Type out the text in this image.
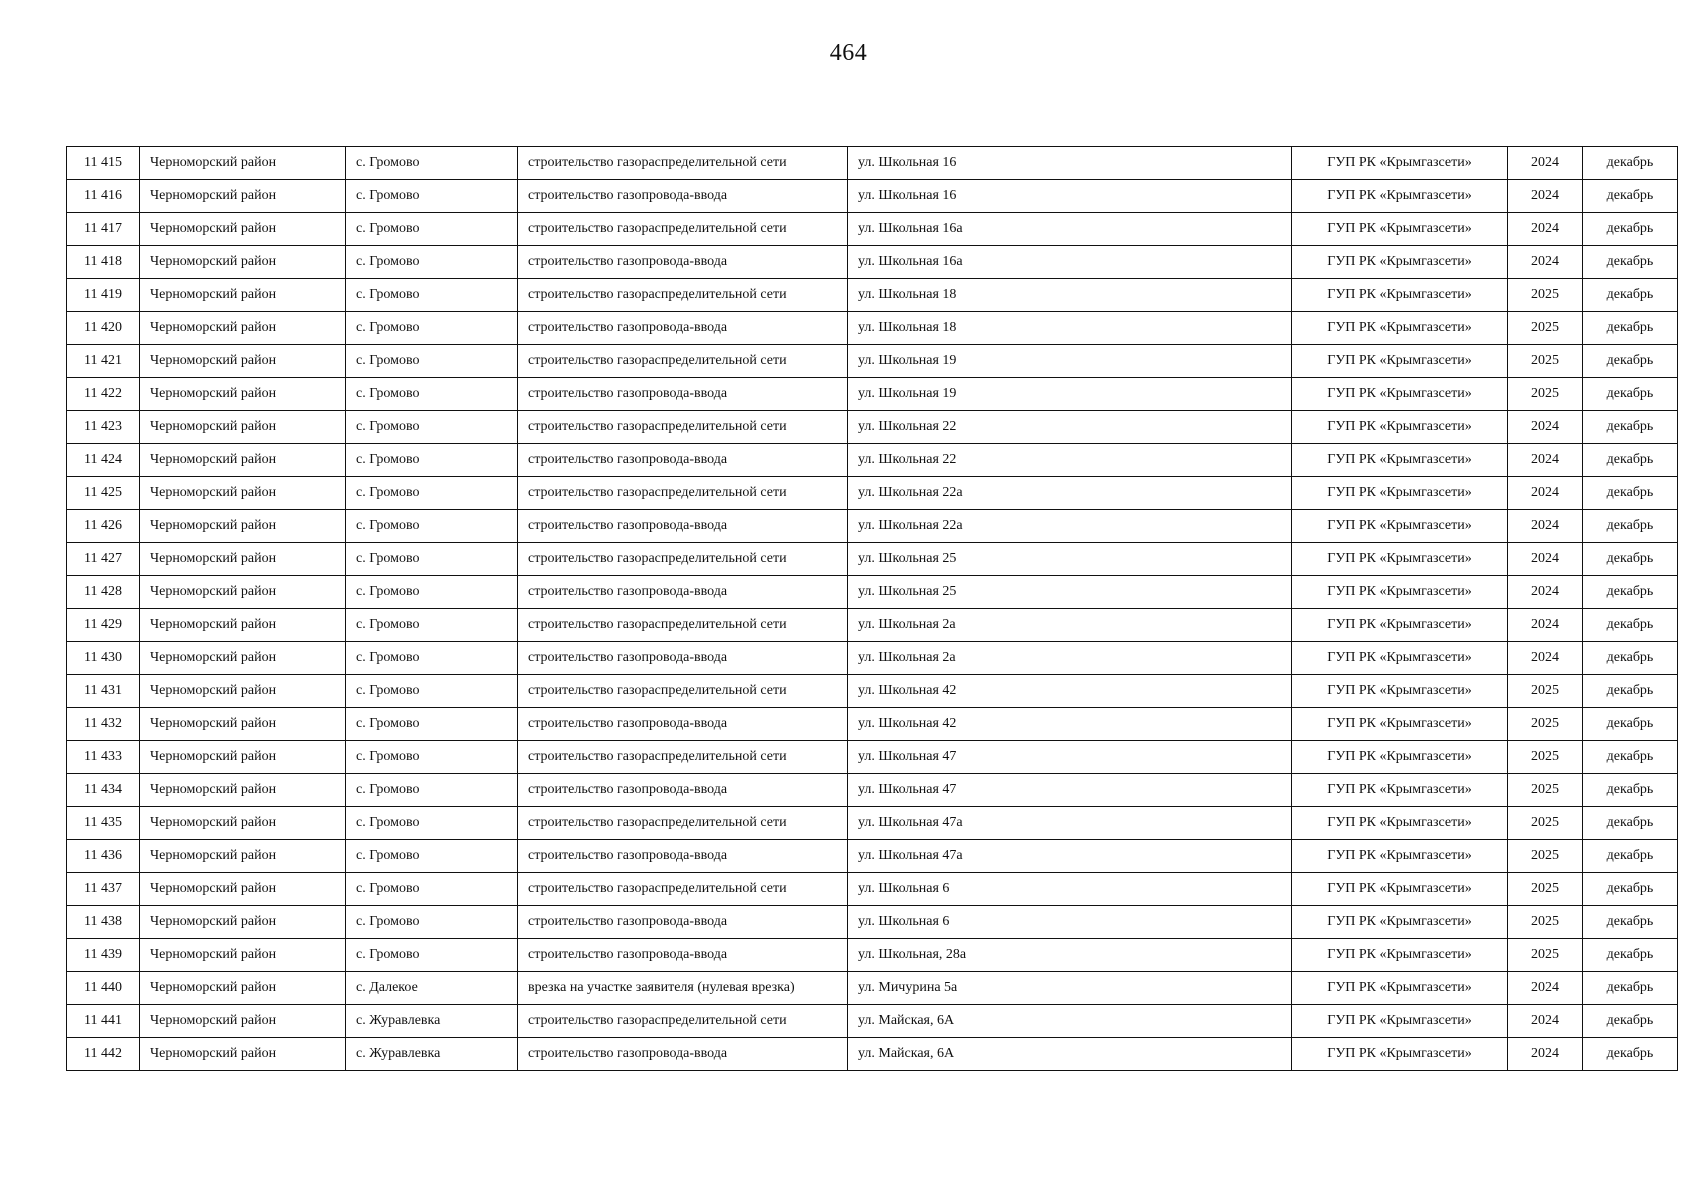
464
11 415	Черноморский район	с. Громово	строительство газораспределительной сети	ул. Школьная 16	ГУП РК «Крымгазсети»	2024	декабрь
11 416	Черноморский район	с. Громово	строительство газопровода-ввода	ул. Школьная 16	ГУП РК «Крымгазсети»	2024	декабрь
11 417	Черноморский район	с. Громово	строительство газораспределительной сети	ул. Школьная 16а	ГУП РК «Крымгазсети»	2024	декабрь
11 418	Черноморский район	с. Громово	строительство газопровода-ввода	ул. Школьная 16а	ГУП РК «Крымгазсети»	2024	декабрь
11 419	Черноморский район	с. Громово	строительство газораспределительной сети	ул. Школьная 18	ГУП РК «Крымгазсети»	2025	декабрь
11 420	Черноморский район	с. Громово	строительство газопровода-ввода	ул. Школьная 18	ГУП РК «Крымгазсети»	2025	декабрь
11 421	Черноморский район	с. Громово	строительство газораспределительной сети	ул. Школьная 19	ГУП РК «Крымгазсети»	2025	декабрь
11 422	Черноморский район	с. Громово	строительство газопровода-ввода	ул. Школьная 19	ГУП РК «Крымгазсети»	2025	декабрь
11 423	Черноморский район	с. Громово	строительство газораспределительной сети	ул. Школьная 22	ГУП РК «Крымгазсети»	2024	декабрь
11 424	Черноморский район	с. Громово	строительство газопровода-ввода	ул. Школьная 22	ГУП РК «Крымгазсети»	2024	декабрь
11 425	Черноморский район	с. Громово	строительство газораспределительной сети	ул. Школьная 22а	ГУП РК «Крымгазсети»	2024	декабрь
11 426	Черноморский район	с. Громово	строительство газопровода-ввода	ул. Школьная 22а	ГУП РК «Крымгазсети»	2024	декабрь
11 427	Черноморский район	с. Громово	строительство газораспределительной сети	ул. Школьная 25	ГУП РК «Крымгазсети»	2024	декабрь
11 428	Черноморский район	с. Громово	строительство газопровода-ввода	ул. Школьная 25	ГУП РК «Крымгазсети»	2024	декабрь
11 429	Черноморский район	с. Громово	строительство газораспределительной сети	ул. Школьная 2а	ГУП РК «Крымгазсети»	2024	декабрь
11 430	Черноморский район	с. Громово	строительство газопровода-ввода	ул. Школьная 2а	ГУП РК «Крымгазсети»	2024	декабрь
11 431	Черноморский район	с. Громово	строительство газораспределительной сети	ул. Школьная 42	ГУП РК «Крымгазсети»	2025	декабрь
11 432	Черноморский район	с. Громово	строительство газопровода-ввода	ул. Школьная 42	ГУП РК «Крымгазсети»	2025	декабрь
11 433	Черноморский район	с. Громово	строительство газораспределительной сети	ул. Школьная 47	ГУП РК «Крымгазсети»	2025	декабрь
11 434	Черноморский район	с. Громово	строительство газопровода-ввода	ул. Школьная 47	ГУП РК «Крымгазсети»	2025	декабрь
11 435	Черноморский район	с. Громово	строительство газораспределительной сети	ул. Школьная 47а	ГУП РК «Крымгазсети»	2025	декабрь
11 436	Черноморский район	с. Громово	строительство газопровода-ввода	ул. Школьная 47а	ГУП РК «Крымгазсети»	2025	декабрь
11 437	Черноморский район	с. Громово	строительство газораспределительной сети	ул. Школьная 6	ГУП РК «Крымгазсети»	2025	декабрь
11 438	Черноморский район	с. Громово	строительство газопровода-ввода	ул. Школьная 6	ГУП РК «Крымгазсети»	2025	декабрь
11 439	Черноморский район	с. Громово	строительство газопровода-ввода	ул. Школьная, 28а	ГУП РК «Крымгазсети»	2025	декабрь
11 440	Черноморский район	с. Далекое	врезка на участке заявителя (нулевая врезка)	ул. Мичурина 5а	ГУП РК «Крымгазсети»	2024	декабрь
11 441	Черноморский район	с. Журавлевка	строительство газораспределительной сети	ул. Майская, 6А	ГУП РК «Крымгазсети»	2024	декабрь
11 442	Черноморский район	с. Журавлевка	строительство газопровода-ввода	ул. Майская, 6А	ГУП РК «Крымгазсети»	2024	декабрь
